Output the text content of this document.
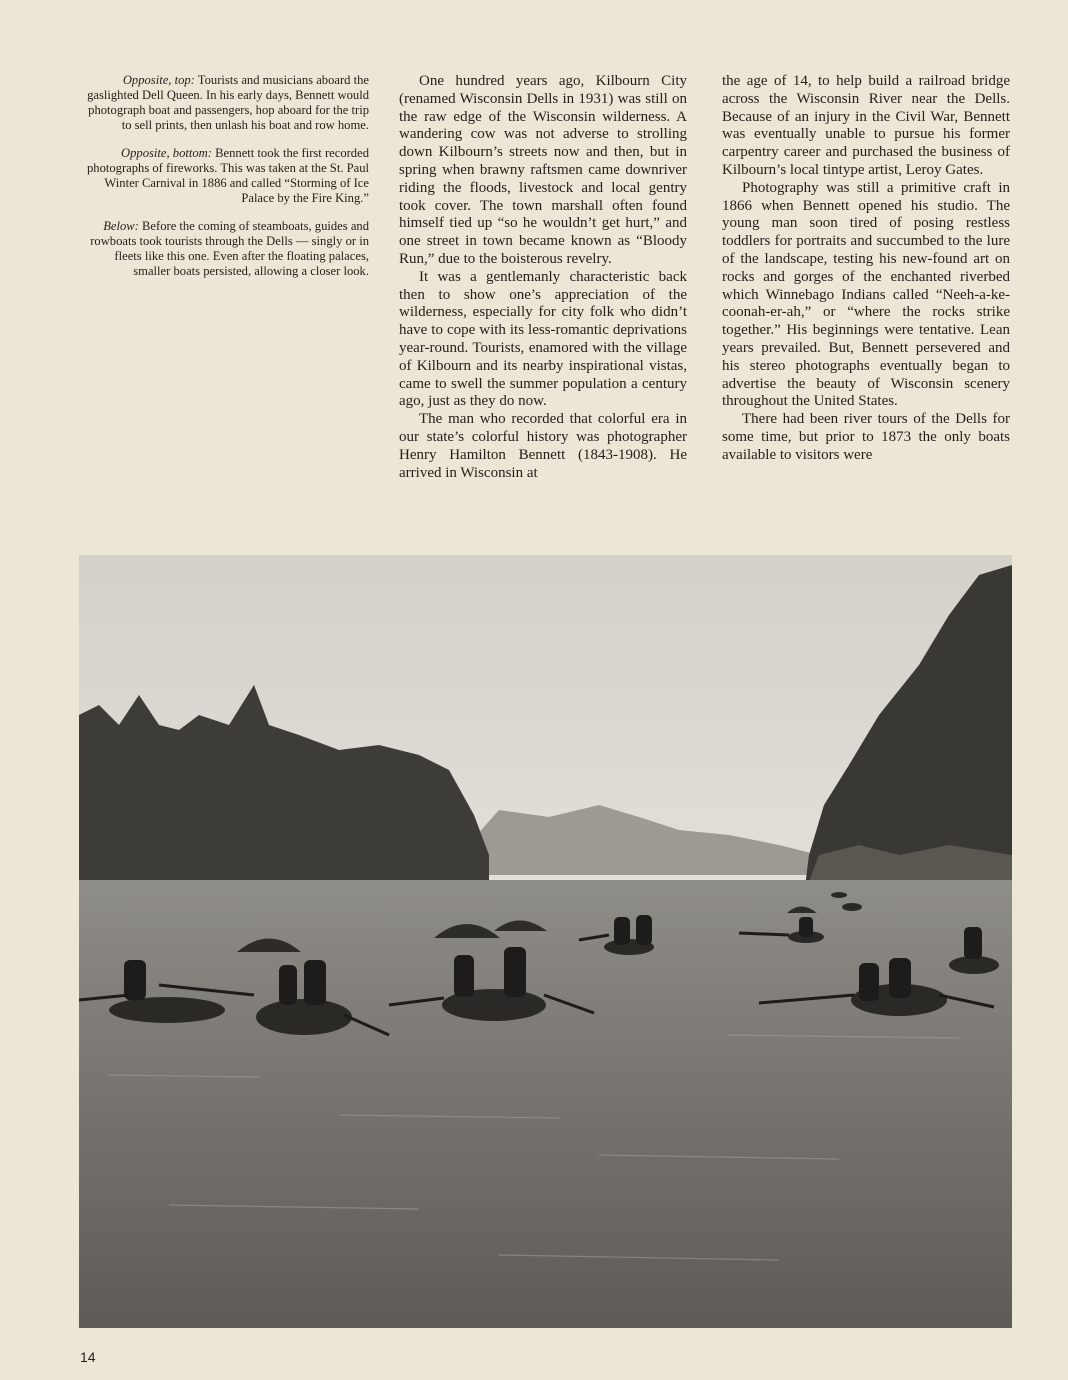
Opposite, top: Tourists and musicians aboard the gaslighted Dell Queen. In his early days, Bennett would photograph boat and passengers, hop aboard for the trip to sell prints, then unlash his boat and row home.

Opposite, bottom: Bennett took the first recorded photographs of fireworks. This was taken at the St. Paul Winter Carnival in 1886 and called “Storming of Ice Palace by the Fire King.”

Below: Before the coming of steamboats, guides and rowboats took tourists through the Dells — singly or in fleets like this one. Even after the floating palaces, smaller boats persisted, allowing a closer look.

One hundred years ago, Kilbourn City (renamed Wisconsin Dells in 1931) was still on the raw edge of the Wisconsin wilderness. A wandering cow was not adverse to strolling down Kilbourn’s streets now and then, but in spring when brawny raftsmen came downriver riding the floods, livestock and local gentry took cover. The town marshall often found himself tied up “so he wouldn’t get hurt,” and one street in town became known as “Bloody Run,” due to the boisterous revelry.

It was a gentlemanly characteristic back then to show one’s appreciation of the wilderness, especially for city folk who didn’t have to cope with its less-romantic deprivations year-round. Tourists, enamored with the village of Kilbourn and its nearby inspirational vistas, came to swell the summer population a century ago, just as they do now.

The man who recorded that colorful era in our state’s colorful history was photographer Henry Hamilton Bennett (1843-1908). He arrived in Wisconsin at

the age of 14, to help build a railroad bridge across the Wisconsin River near the Dells. Because of an injury in the Civil War, Bennett was eventually unable to pursue his former carpentry career and purchased the business of Kilbourn’s local tintype artist, Leroy Gates.

Photography was still a primitive craft in 1866 when Bennett opened his studio. The young man soon tired of posing restless toddlers for portraits and succumbed to the lure of the landscape, testing his new-found art on rocks and gorges of the enchanted riverbed which Winnebago Indians called “Neeh-a-ke-coonah-er-ah,” or “where the rocks strike together.” His beginnings were tentative. Lean years prevailed. But, Bennett persevered and his stereo photographs eventually began to advertise the beauty of Wisconsin scenery throughout the United States.

There had been river tours of the Dells for some time, but prior to 1873 the only boats available to visitors were

14
